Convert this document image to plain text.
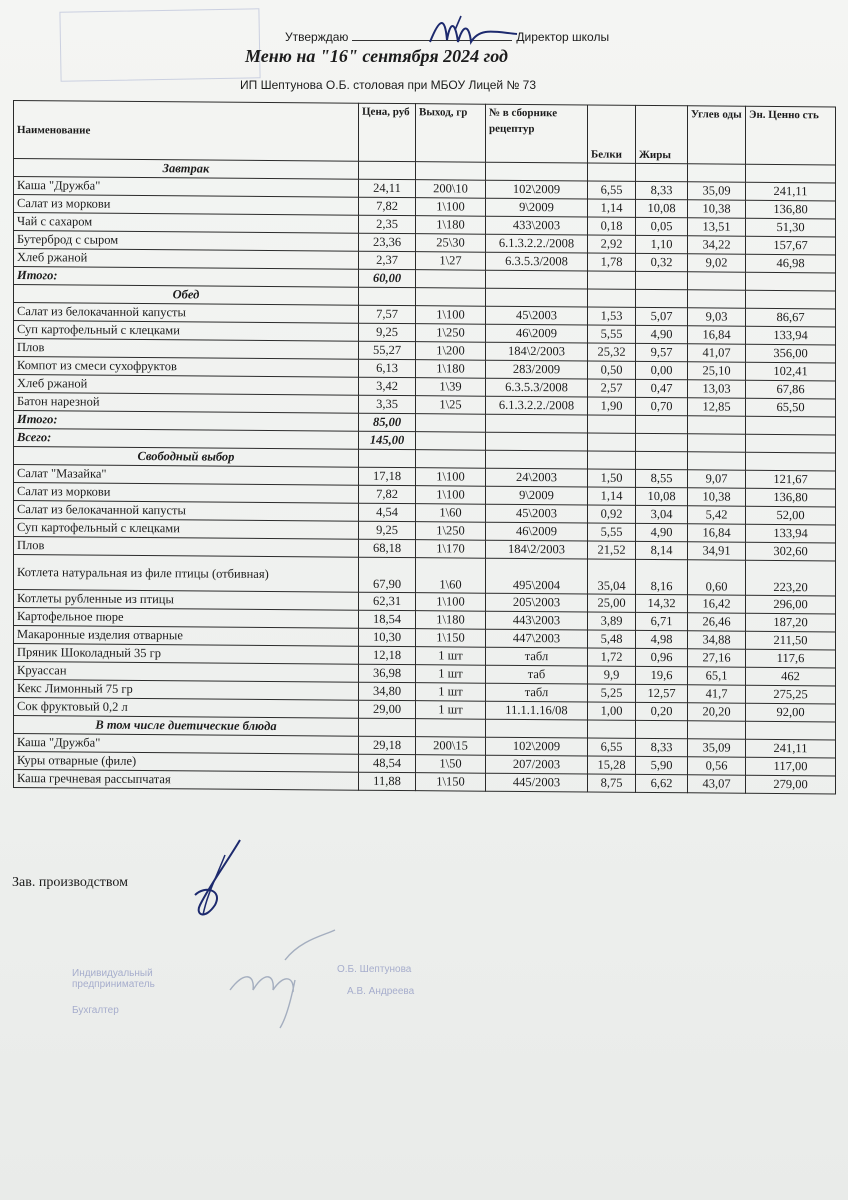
Утверждаю	Директор школы
Меню на "16" сентября 2024 год
ИП Шептунова О.Б. столовая при МБОУ Лицей № 73
Наименование	Цена, руб	Выход, гр	№ в сборнике рецептур	Белки	Жиры	Углев оды	Эн. Ценно сть
Завтрак							
Каша "Дружба"	24,11	200\10	102\2009	6,55	8,33	35,09	241,11
Салат из моркови	7,82	1\100	9\2009	1,14	10,08	10,38	136,80
Чай с сахаром	2,35	1\180	433\2003	0,18	0,05	13,51	51,30
Бутерброд с сыром	23,36	25\30	6.1.3.2.2./2008	2,92	1,10	34,22	157,67
Хлеб ржаной	2,37	1\27	6.3.5.3/2008	1,78	0,32	9,02	46,98
Итого:	60,00						
Обед							
Салат из белокачанной капусты	7,57	1\100	45\2003	1,53	5,07	9,03	86,67
Суп картофельный с клецками	9,25	1\250	46\2009	5,55	4,90	16,84	133,94
Плов	55,27	1\200	184\2/2003	25,32	9,57	41,07	356,00
Компот из смеси сухофруктов	6,13	1\180	283/2009	0,50	0,00	25,10	102,41
Хлеб ржаной	3,42	1\39	6.3.5.3/2008	2,57	0,47	13,03	67,86
Батон нарезной	3,35	1\25	6.1.3.2.2./2008	1,90	0,70	12,85	65,50
Итого:	85,00						
Всего:	145,00						
Свободный выбор							
Салат "Мазайка"	17,18	1\100	24\2003	1,50	8,55	9,07	121,67
Салат из моркови	7,82	1\100	9\2009	1,14	10,08	10,38	136,80
Салат из белокачанной капусты	4,54	1\60	45\2003	0,92	3,04	5,42	52,00
Суп картофельный с клецками	9,25	1\250	46\2009	5,55	4,90	16,84	133,94
Плов	68,18	1\170	184\2/2003	21,52	8,14	34,91	302,60
Котлета натуральная из филе птицы (отбивная)	67,90	1\60	495\2004	35,04	8,16	0,60	223,20
Котлеты рубленные из птицы	62,31	1\100	205\2003	25,00	14,32	16,42	296,00
Картофельное пюре	18,54	1\180	443\2003	3,89	6,71	26,46	187,20
Макаронные изделия отварные	10,30	1\150	447\2003	5,48	4,98	34,88	211,50
Пряник Шоколадный 35 гр	12,18	1 шт	табл	1,72	0,96	27,16	117,6
Круассан	36,98	1 шт	таб	9,9	19,6	65,1	462
Кекс Лимонный 75 гр	34,80	1 шт	табл	5,25	12,57	41,7	275,25
Сок фруктовый 0,2 л	29,00	1 шт	11.1.1.16/08	1,00	0,20	20,20	92,00
В том числе диетические блюда							
Каша "Дружба"	29,18	200\15	102\2009	6,55	8,33	35,09	241,11
Куры отварные (филе)	48,54	1\50	207/2003	15,28	5,90	0,56	117,00
Каша гречневая рассыпчатая	11,88	1\150	445/2003	8,75	6,62	43,07	279,00
Зав. производством
Индивидуальный предприниматель
Бухгалтер
О.Б. Шептунова
А.В. Андреева
